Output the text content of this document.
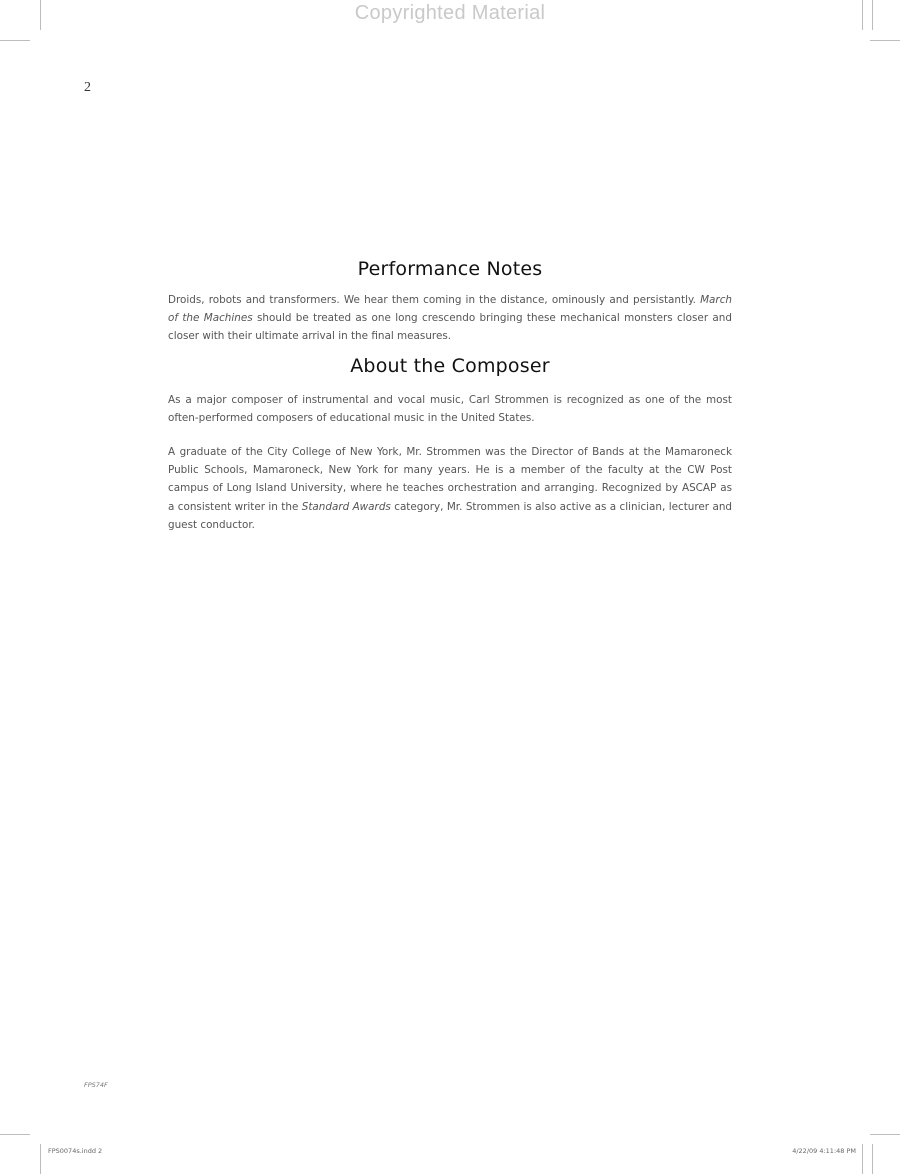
Copyrighted Material
2
Performance Notes

Droids, robots and transformers. We hear them coming in the distance, ominously and persistantly. March of the Machines should be treated as one long crescendo bringing these mechanical monsters closer and closer with their ultimate arrival in the final measures.

About the Composer

As a major composer of instrumental and vocal music, Carl Strommen is recognized as one of the most often-performed composers of educational music in the United States.

A graduate of the City College of New York, Mr. Strommen was the Director of Bands at the Mamaroneck Public Schools, Mamaroneck, New York for many years. He is a member of the faculty at the CW Post campus of Long Island University, where he teaches orchestration and arranging. Recognized by ASCAP as a consistent writer in the Standard Awards category, Mr. Strommen is also active as a clinician, lecturer and guest conductor.

FPS74F
FPS0074s.indd 2	4/22/09 4:11:48 PM
